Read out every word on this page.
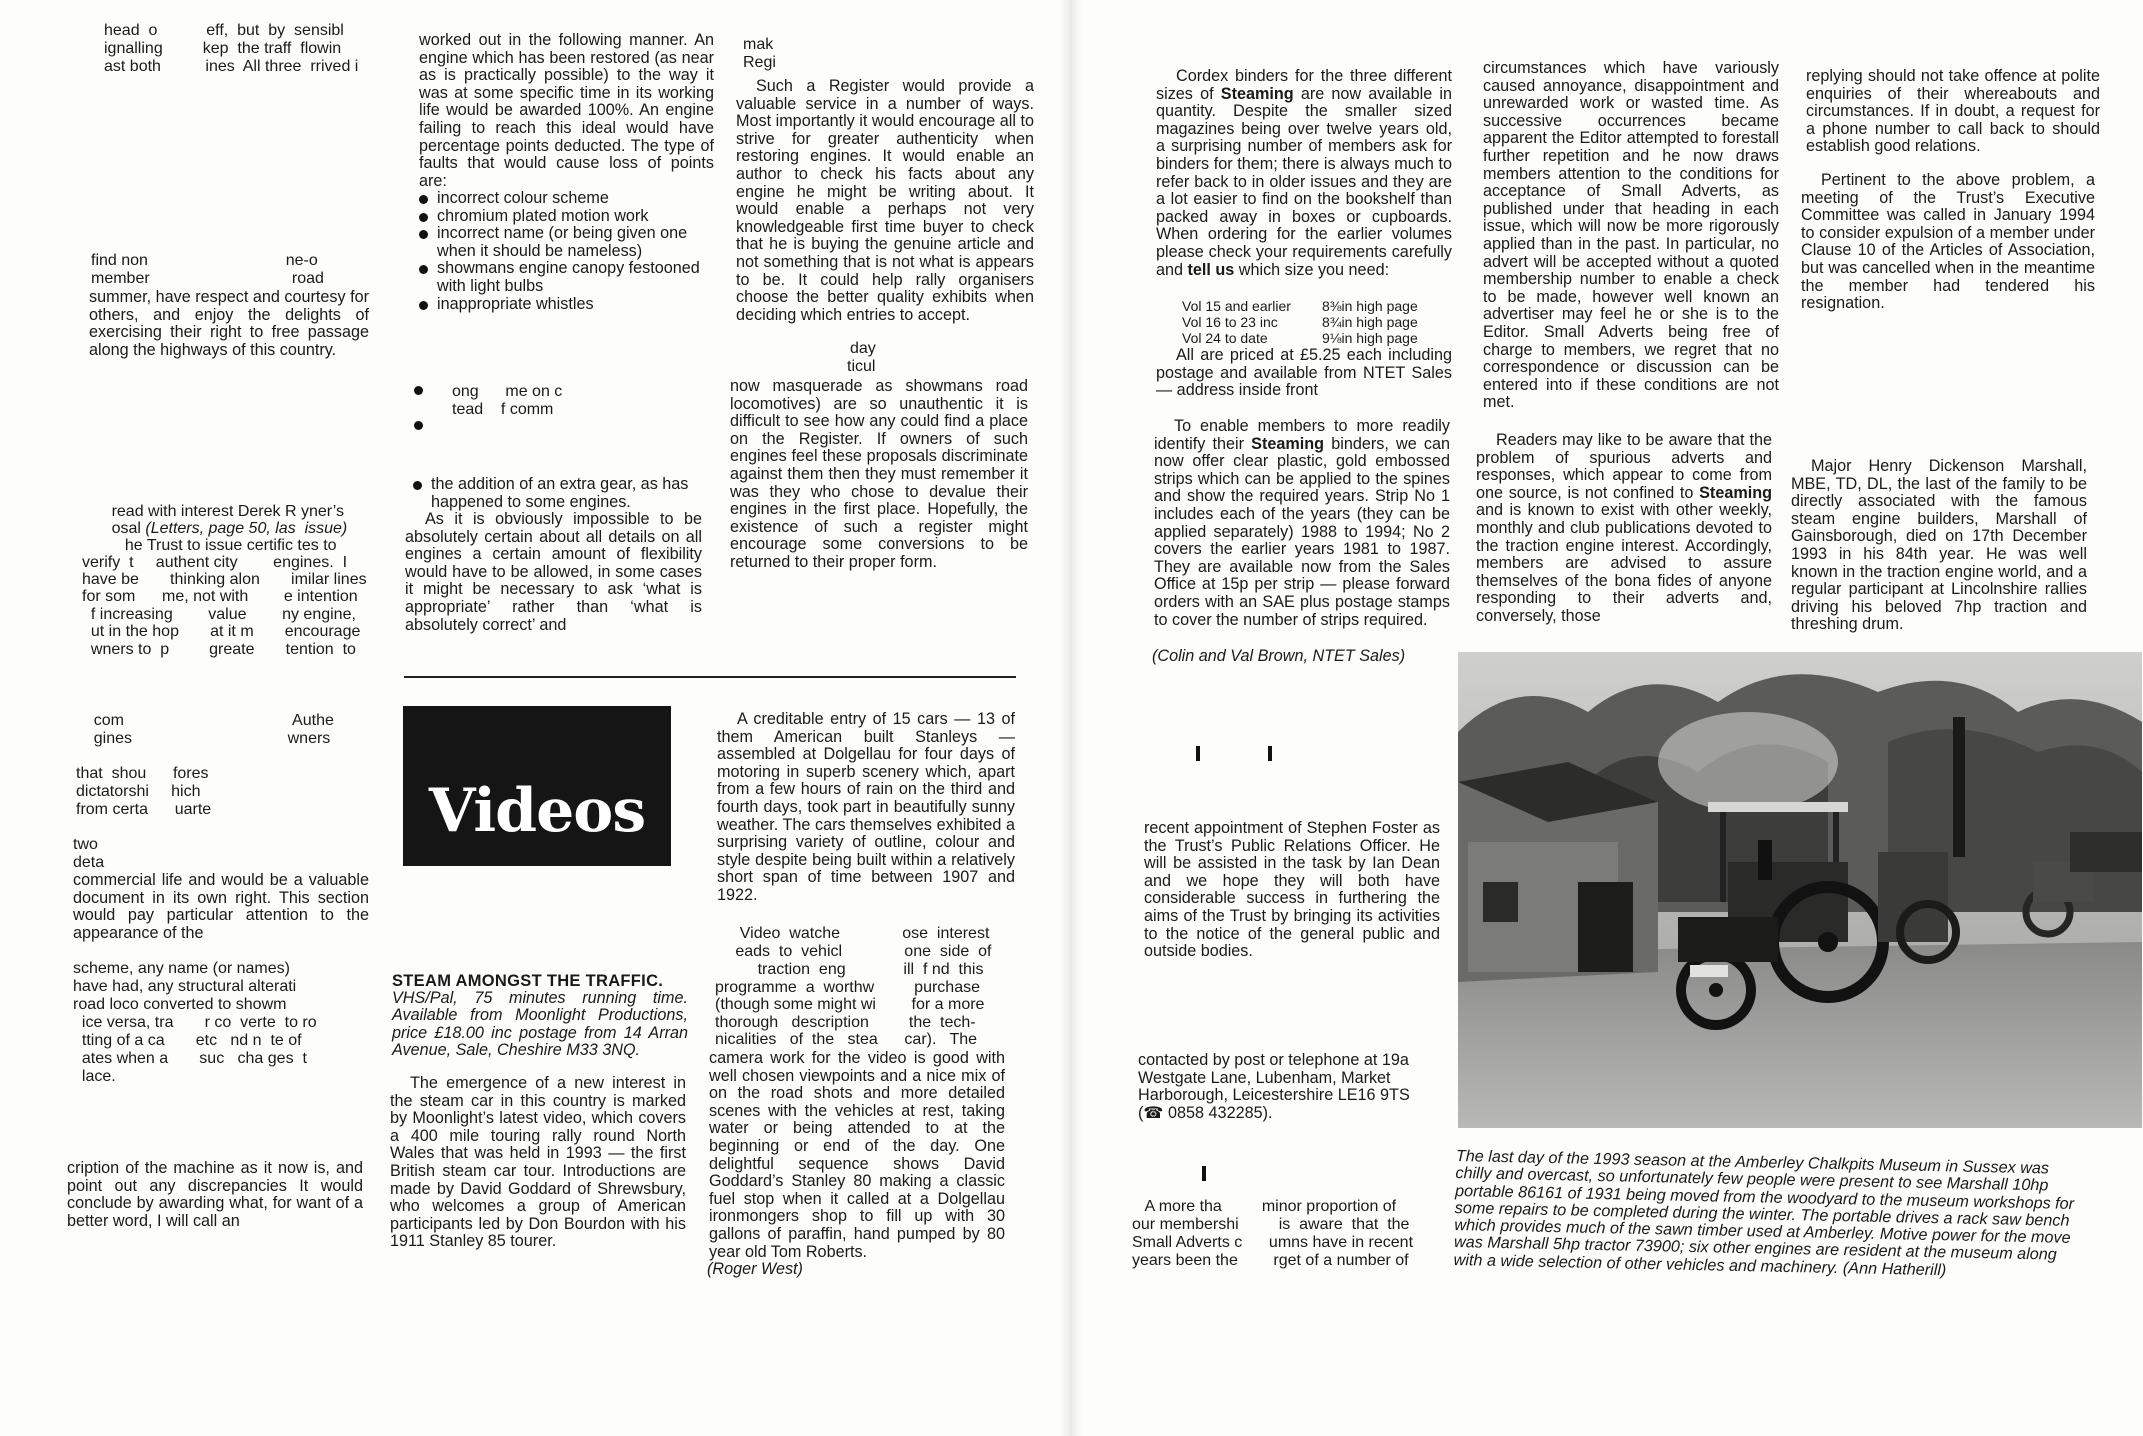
head  o           eff,  but  by  sensibl
ignalling         kep  the traff  flowin
ast both          ines  All three  rrived i
find non                               ne-o
member                                road
summer, have respect and courtesy for others, and enjoy the delights of exercising their right to free passage along the highways of this country.
read with interest Derek R yner’s
osal (Letters, page 50, las  issue)
he Trust to issue certific tes to
verify  t     authent city        engines.  I
have be       thinking alon       imilar lines
for som      me, not with        e intention
f increasing        value        ny engine,
ut in the hop       at it m       encourage
wners to  p         greate       tention  to
com                                      Authe
gines                                   wners
that  shou      fores
dictatorshi     hich
from certa      uarte
two
deta
commercial life and would be a valuable document in its own right. This section would pay particular attention to the appearance of the
scheme, any name (or names)
have had, any structural alterati
road loco converted to showm
ice versa, tra       r co  verte  to ro
tting of a ca       etc   nd n  te of
ates when a       suc   cha ges  t
lace.
cription of the machine as it now is, and point out any discrepancies It would conclude by awarding what, for want of a better word, I will call an
worked out in the following manner. An engine which has been restored (as near as is practically possible) to the way it was at some specific time in its working life would be awarded 100%. An engine failing to reach this ideal would have percentage points deducted. The type of faults that would cause loss of points are:
incorrect colour scheme
chromium plated motion work
incorrect name (or being given one when it should be nameless)
showmans engine canopy festooned with light bulbs
inappropriate whistles
ong      me on c
tead    f comm
the addition of an extra gear, as has happened to some engines.

As it is obviously impossible to be absolutely certain about all details on all engines a certain amount of flexibility would have to be allowed, in some cases it might be necessary to ask ‘what is appropriate’ rather than ‘what is absolutely correct’ and

mak
Regi

Such a Register would provide a valuable service in a number of ways. Most importantly it would encourage all to strive for greater authenticity when restoring engines. It would enable an author to check his facts about any engine he might be writing about. It would enable a perhaps not very knowledgeable first time buyer to check that he is buying the genuine article and not something that is not what is appears to be. It could help rally organisers choose the better quality exhibits when deciding which entries to accept.

day
ticul
now masquerade as showmans road locomotives) are so unauthentic it is difficult to see how any could find a place on the Register. If owners of such engines feel these proposals discriminate against them then they must remember it was they who chose to devalue their engines in the first place. Hopefully, the existence of such a register might encourage some conversions to be returned to their proper form.
Videos
STEAM AMONGST THE TRAFFIC.
VHS/Pal, 75 minutes running time. Available from Moonlight Productions, price £18.00 inc postage from 14 Arran Avenue, Sale, Cheshire M33 3NQ.

The emergence of a new interest in the steam car in this country is marked by Moonlight’s latest video, which covers a 400 mile touring rally round North Wales that was held in 1993 — the first British steam car tour. Introductions are made by David Goddard of Shrewsbury, who welcomes a group of American participants led by Don Bourdon with his 1911 Stanley 85 tourer.

A creditable entry of 15 cars — 13 of them American built Stanleys — assembled at Dolgellau for four days of motoring in superb scenery which, apart from a few hours of rain on the third and fourth days, took part in beautifully sunny weather. The cars themselves exhibited a surprising variety of outline, colour and style despite being built within a relatively short span of time between 1907 and 1922.

Video  watche              ose  interest
eads  to  vehicl              one  side  of
traction  eng             ill  f nd  this
programme  a  worthw         purchase
(though some might wi        for a more
thorough   description         the  tech-
nicalities   of  the   stea      car).   The
camera work for the video is good with well chosen viewpoints and a nice mix of on the road shots and more detailed scenes with the vehicles at rest, taking water or being attended to at the beginning or end of the day. One delightful sequence shows David Goddard’s Stanley 80 making a classic fuel stop when it called at a Dolgellau ironmongers shop to fill up with 30 gallons of paraffin, hand pumped by 80 year old Tom Roberts.
(Roger West)

Cordex binders for the three different sizes of Steaming are now available in quantity. Despite the smaller sized magazines being over twelve years old, a surprising number of members ask for binders for them; there is always much to refer back to in older issues and they are a lot easier to find on the bookshelf than packed away in boxes or cupboards. When ordering for the earlier volumes please check your requirements carefully and tell us which size you need:

Vol 15 and earlier	8⅜in high page
Vol 16 to 23 inc	8¾in high page
Vol 24 to date	9⅛in high page

All are priced at £5.25 each including postage and available from NTET Sales — address inside front

To enable members to more readily identify their Steaming binders, we can now offer clear plastic, gold embossed strips which can be applied to the spines and show the required years. Strip No 1 includes each of the years (they can be applied separately) 1988 to 1994; No 2 covers the earlier years 1981 to 1987. They are available now from the Sales Office at 15p per strip — please forward orders with an SAE plus postage stamps to cover the number of strips required.

(Colin and Val Brown, NTET Sales)
recent appointment of Stephen Foster as the Trust’s Public Relations Officer. He will be assisted in the task by Ian Dean and we hope they will both have considerable success in furthering the aims of the Trust by bringing its activities to the notice of the general public and outside bodies.
contacted by post or telephone at 19a Westgate Lane, Lubenham, Market Harborough, Leicestershire LE16 9TS (☎ 0858 432285).
A more tha         minor proportion of
our membershi         is  aware  that  the
Small Adverts c      umns have in recent
years been the        rget of a number of
circumstances which have variously caused annoyance, disappointment and unrewarded work or wasted time. As successive occurrences became apparent the Editor attempted to forestall further repetition and he now draws members attention to the conditions for acceptance of Small Adverts, as published under that heading in each issue, which will now be more rigorously applied than in the past. In particular, no advert will be accepted without a quoted membership number to enable a check to be made, however well known an advertiser may feel he or she is to the Editor. Small Adverts being free of charge to members, we regret that no correspondence or discussion can be entered into if these conditions are not met.

Readers may like to be aware that the problem of spurious adverts and responses, which appear to come from one source, is not confined to Steaming and is known to exist with other weekly, monthly and club publications devoted to the traction engine interest. Accordingly, members are advised to assure themselves of the bona fides of anyone responding to their adverts and, conversely, those

replying should not take offence at polite enquiries of their whereabouts and circumstances. If in doubt, a request for a phone number to call back to should establish good relations.

Pertinent to the above problem, a meeting of the Trust’s Executive Committee was called in January 1994 to consider expulsion of a member under Clause 10 of the Articles of Association, but was cancelled when in the meantime the member had tendered his resignation.

Major Henry Dickenson Marshall, MBE, TD, DL, the last of the family to be directly associated with the famous steam engine builders, Marshall of Gainsborough, died on 17th December 1993 in his 84th year. He was well known in the traction engine world, and a regular participant at Lincolnshire rallies driving his beloved 7hp traction and threshing drum.

The last day of the 1993 season at the Amberley Chalkpits Museum in Sussex was chilly and overcast, so unfortunately few people were present to see Marshall 10hp portable 86161 of 1931 being moved from the woodyard to the museum workshops for some repairs to be completed during the winter. The portable drives a rack saw bench which provides much of the sawn timber used at Amberley. Motive power for the move was Marshall 5hp tractor 73900; six other engines are resident at the museum along with a wide selection of other vehicles and machinery. (Ann Hatherill)
